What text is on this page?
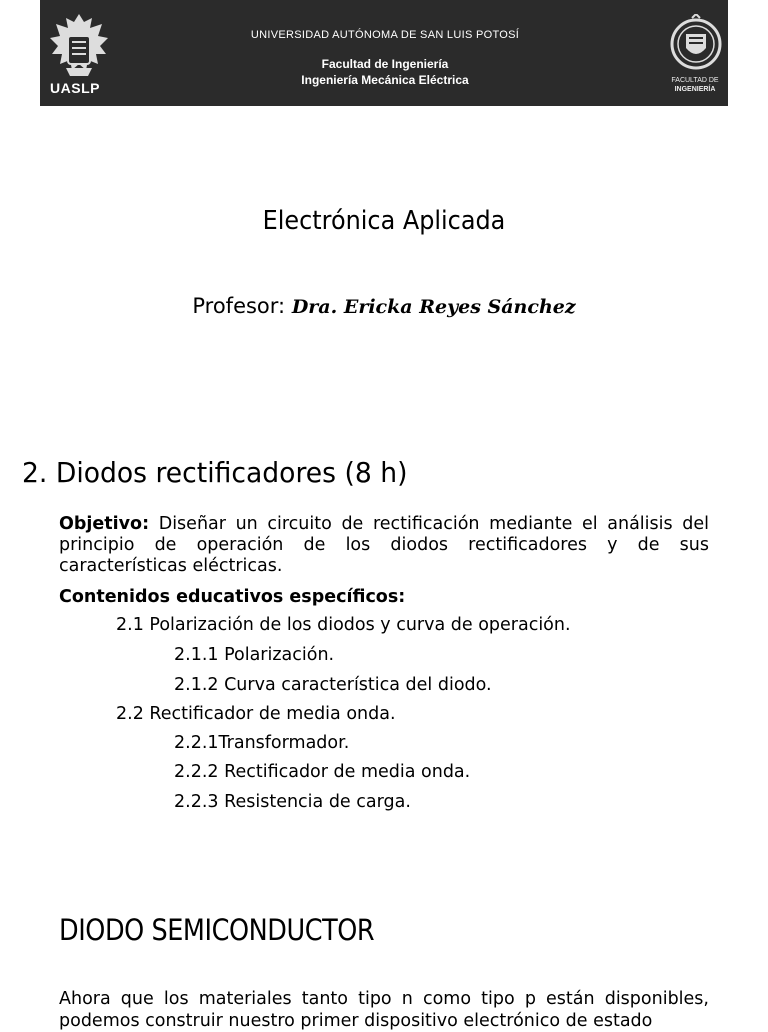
UASLP
UNIVERSIDAD AUTÓNOMA DE SAN LUIS POTOSÍ
Facultad de Ingeniería
Ingeniería Mecánica Eléctrica	FACULTAD DE
INGENIERÍA
Electrónica Aplicada
Profesor: Dra. Ericka Reyes Sánchez
2. Diodos rectificadores (8 h)
Objetivo: Diseñar un circuito de rectificación mediante el análisis del principio de operación de los diodos rectificadores y de sus características eléctricas.
Contenidos educativos específicos:
2.1 Polarización de los diodos y curva de operación.
2.1.1 Polarización.
2.1.2 Curva característica del diodo.
2.2 Rectificador de media onda.
2.2.1Transformador.
2.2.2 Rectificador de media onda.
2.2.3 Resistencia de carga.
DIODO SEMICONDUCTOR
Ahora que los materiales tanto tipo n como tipo p están disponibles, podemos construir nuestro primer dispositivo electrónico de estado
